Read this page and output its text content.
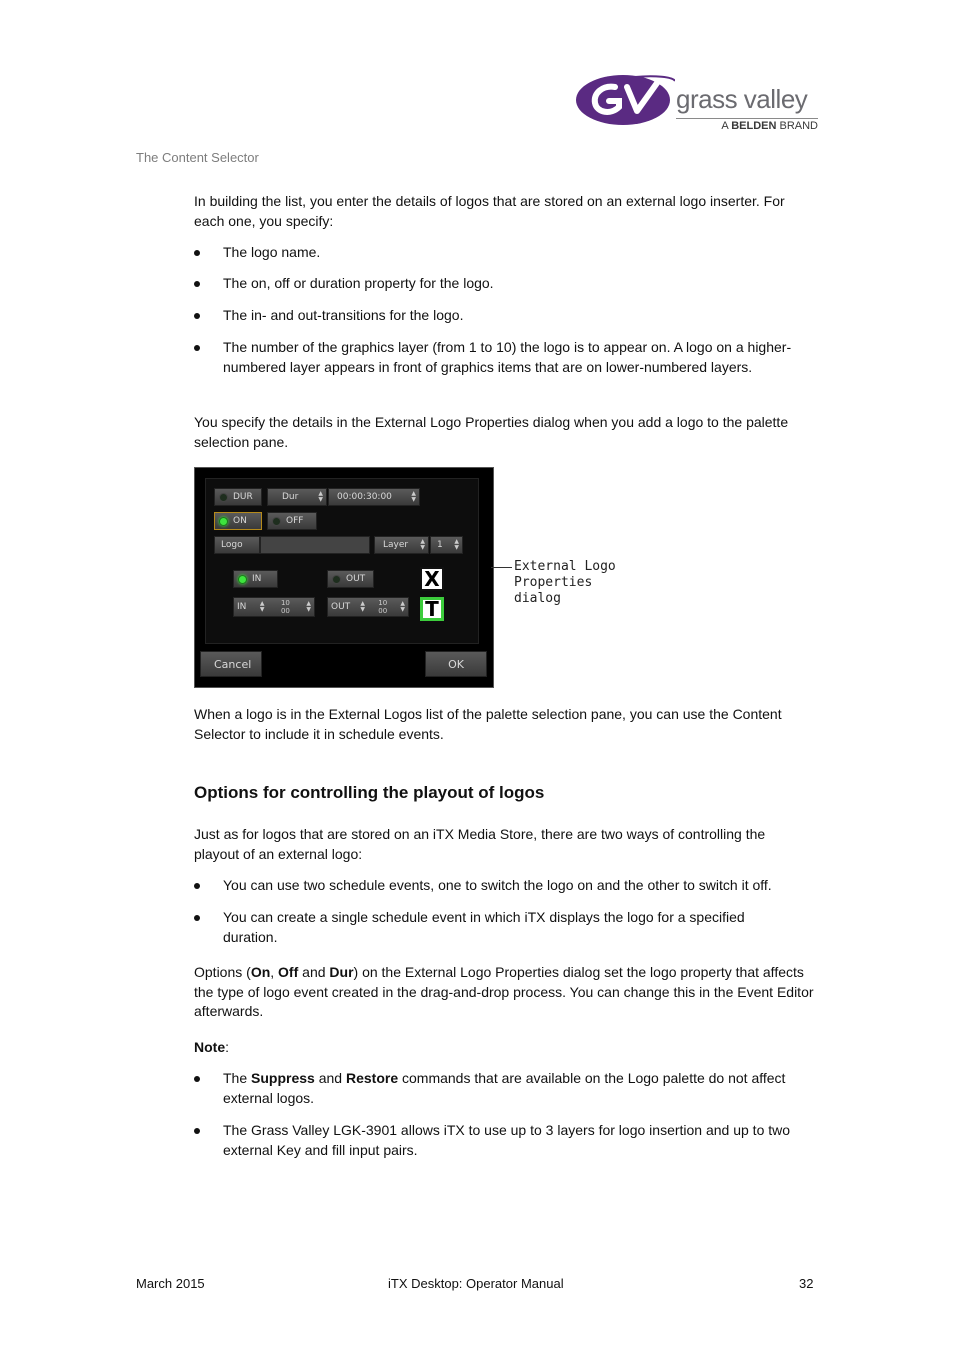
grass valley
A BELDEN BRAND
The Content Selector

In building the list, you enter the details of logos that are stored on an external logo inserter. For each one, you specify:

The logo name.
The on, off or duration property for the logo.
The in- and out-transitions for the logo.
The number of the graphics layer (from 1 to 10) the logo is to appear on. A logo on a higher-numbered layer appears in front of graphics items that are on lower-numbered layers.

You specify the details in the External Logo Properties dialog when you add a logo to the palette selection pane.

DUR	Dur	▲
▼ 00:00:30:00	▲
▼
ON	OFF
Logo	Layer ▲
▼ 1 ▲
▼
IN	OUT	X
IN ▲
▼
10
00
▲
▼ OUT ▲
▼
10
00
▲
▼ T
Cancel	OK
External Logo
Properties dialog

When a logo is in the External Logos list of the palette selection pane, you can use the Content Selector to include it in schedule events.

Options for controlling the playout of logos

Just as for logos that are stored on an iTX Media Store, there are two ways of controlling the playout of an external logo:

You can use two schedule events, one to switch the logo on and the other to switch it off.
You can create a single schedule event in which iTX displays the logo for a specified duration.

Options (On, Off and Dur) on the External Logo Properties dialog set the logo property that affects the type of logo event created in the drag-and-drop process. You can change this in the Event Editor afterwards.

Note:

The Suppress and Restore commands that are available on the Logo palette do not affect external logos.
The Grass Valley LGK-3901 allows iTX to use up to 3 layers for logo insertion and up to two external Key and fill input pairs.
March 2015	iTX Desktop: Operator Manual	32
